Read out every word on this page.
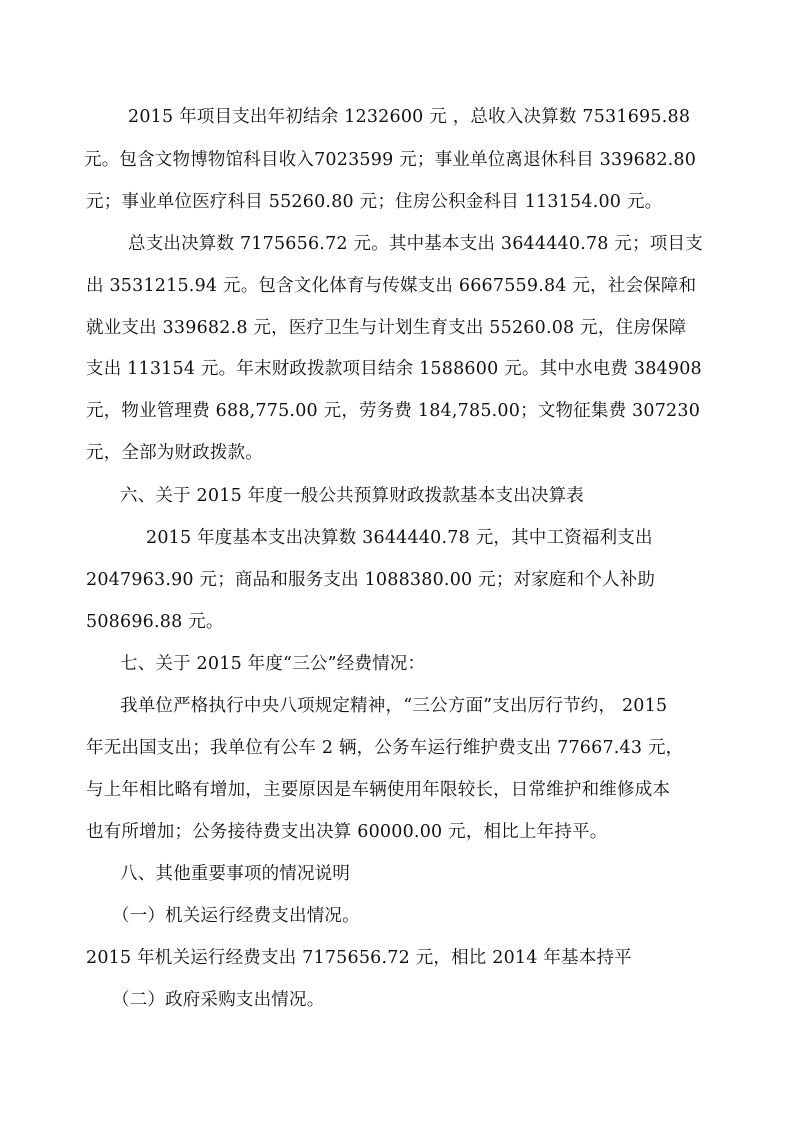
2015 年项目支出年初结余 1232600 元 ，总收入决算数 7531695.88
元。包含文物博物馆科目收入7023599 元；事业单位离退休科目 339682.80
元；事业单位医疗科目 55260.80 元；住房公积金科目 113154.00 元。
总支出决算数 7175656.72 元。其中基本支出 3644440.78 元；项目支
出 3531215.94 元。包含文化体育与传媒支出 6667559.84 元，社会保障和
就业支出 339682.8 元，医疗卫生与计划生育支出 55260.08 元，住房保障
支出 113154 元。年末财政拨款项目结余 1588600 元。其中水电费 384908
元，物业管理费 688,775.00 元，劳务费 184,785.00；文物征集费 307230
元，全部为财政拨款。
六、关于 2015 年度一般公共预算财政拨款基本支出决算表
2015 年度基本支出决算数 3644440.78 元，其中工资福利支出
2047963.90 元；商品和服务支出 1088380.00 元；对家庭和个人补助
508696.88 元。
七、关于 2015 年度“三公”经费情况：
我单位严格执行中央八项规定精神，“三公方面”支出厉行节约， 2015
年无出国支出；我单位有公车 2 辆，公务车运行维护费支出 77667.43 元，
与上年相比略有增加，主要原因是车辆使用年限较长，日常维护和维修成本
也有所增加；公务接待费支出决算 60000.00 元，相比上年持平。
八、其他重要事项的情况说明
（一）机关运行经费支出情况。
2015 年机关运行经费支出 7175656.72 元，相比 2014 年基本持平
（二）政府采购支出情况。
